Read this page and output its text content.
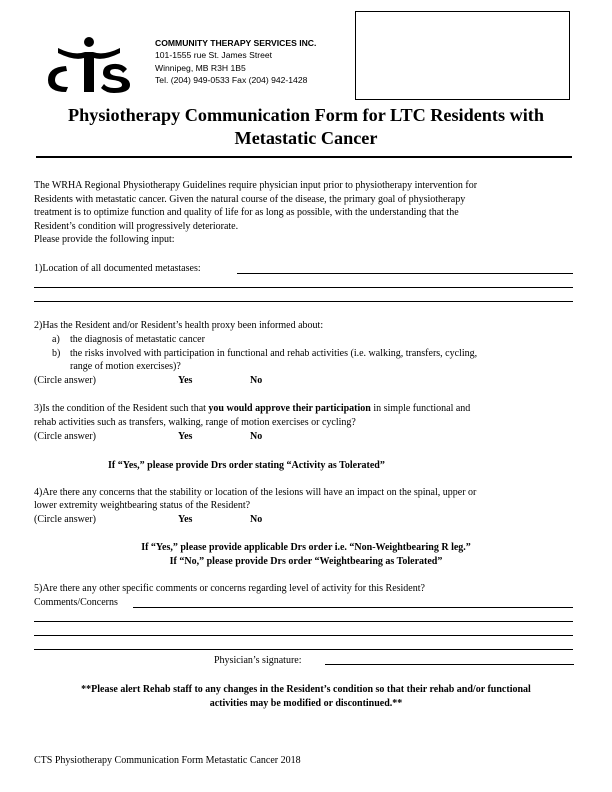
COMMUNITY THERAPY SERVICES INC.
101-1555 rue St. James Street
Winnipeg, MB R3H 1B5
Tel. (204) 949-0533 Fax (204) 942-1428
Physiotherapy Communication Form for LTC Residents with
Metastatic Cancer
The WRHA Regional Physiotherapy Guidelines require physician input prior to physiotherapy intervention for
Residents with metastatic cancer. Given the natural course of the disease, the primary goal of physiotherapy
treatment is to optimize function and quality of life for as long as possible, with the understanding that the
Resident’s condition will progressively deteriorate.
Please provide the following input:
1)Location of all documented metastases:
2)Has the Resident and/or Resident’s health proxy been informed about:
a) the diagnosis of metastatic cancer
b) the risks involved with participation in functional and rehab activities (i.e. walking, transfers, cycling,
range of motion exercises)?
(Circle answer)	Yes	No
3)Is the condition of the Resident such that you would approve their participation in simple functional and
rehab activities such as transfers, walking, range of motion exercises or cycling?
(Circle answer)	Yes	No
If “Yes,” please provide Drs order stating “Activity as Tolerated”
4)Are there any concerns that the stability or location of the lesions will have an impact on the spinal, upper or
lower extremity weightbearing status of the Resident?
(Circle answer)	Yes	No
If “Yes,” please provide applicable Drs order i.e. “Non-Weightbearing R leg.”
If “No,” please provide Drs order “Weightbearing as Tolerated”
5)Are there any other specific comments or concerns regarding level of activity for this Resident?
Comments/Concerns
Physician’s signature:
**Please alert Rehab staff to any changes in the Resident’s condition so that their rehab and/or functional
activities may be modified or discontinued.**
CTS Physiotherapy Communication Form Metastatic Cancer 2018
